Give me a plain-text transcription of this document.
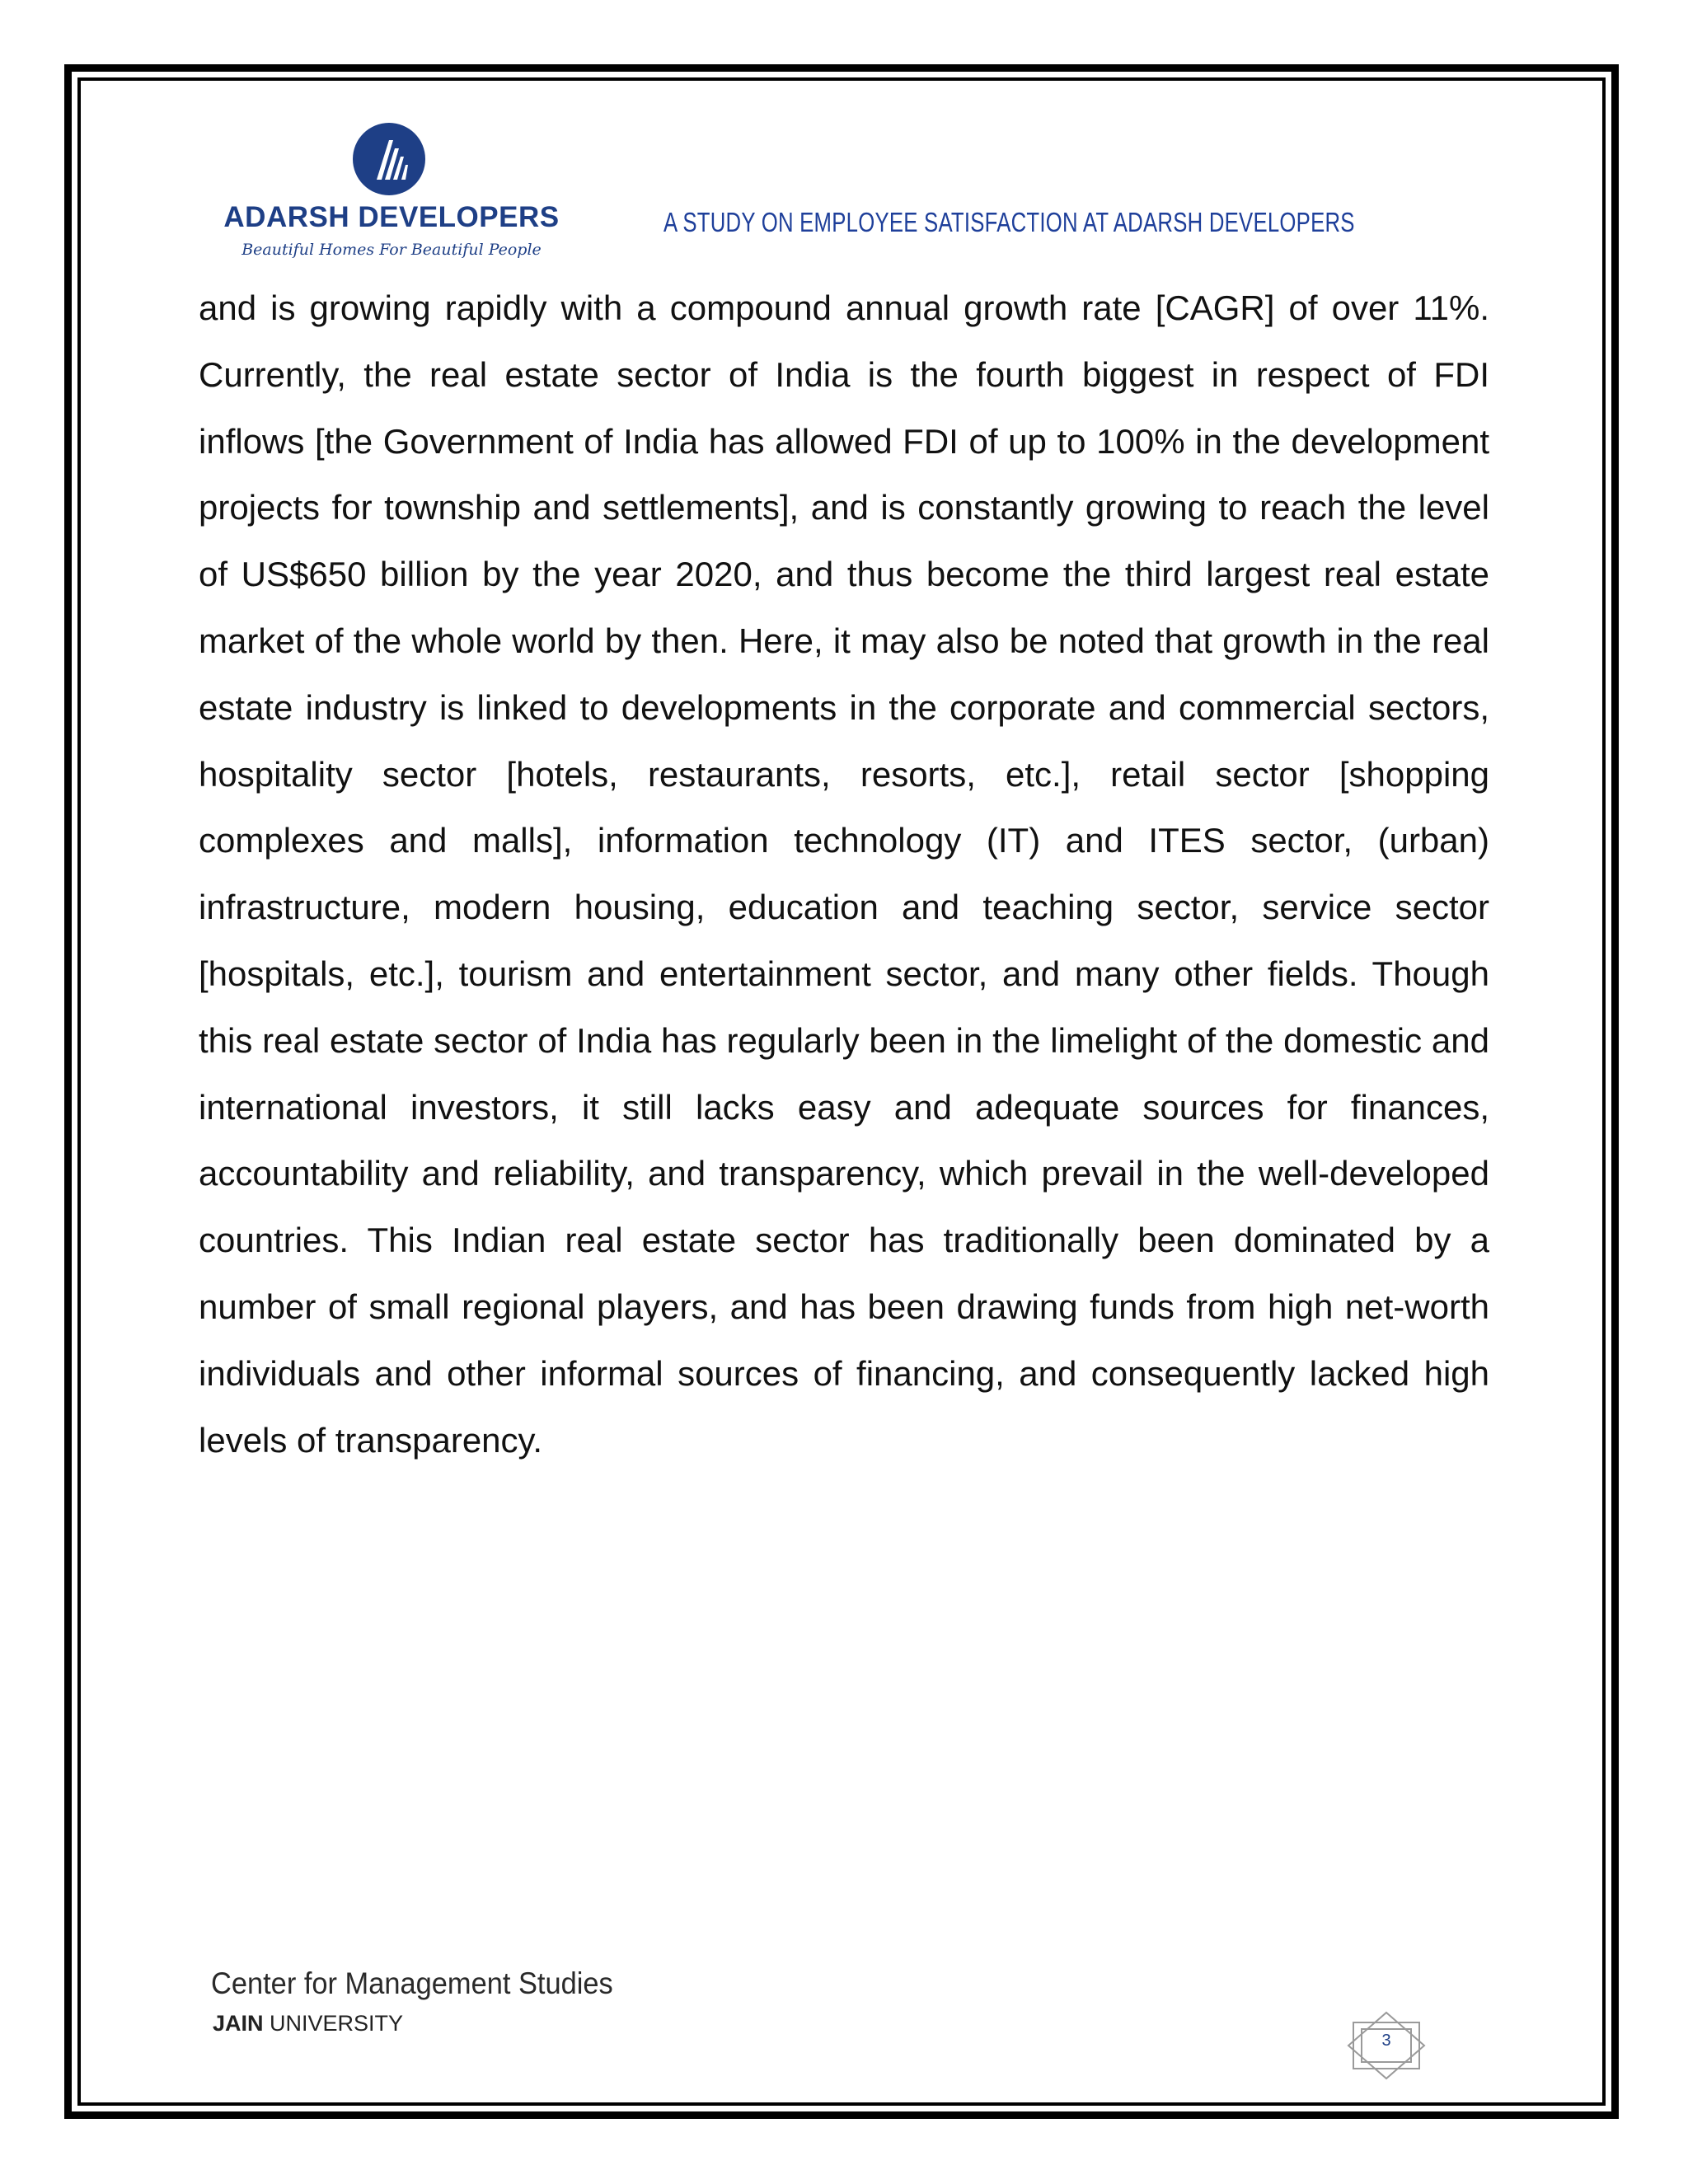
ADARSH DEVELOPERS
Beautiful Homes For Beautiful People
A STUDY ON EMPLOYEE SATISFACTION AT ADARSH DEVELOPERS

and is growing rapidly with a compound annual growth rate [CAGR] of over 11%. Currently, the real estate sector of India is the fourth biggest in respect of FDI inflows [the Government of India has allowed FDI of up to 100% in the development projects for township and settlements], and is constantly growing to reach the level of US$650 billion by the year 2020, and thus become the third largest real estate market of the whole world by then. Here, it may also be noted that growth in the real estate industry is linked to developments in the corporate and commercial sectors, hospitality sector [hotels, restaurants, resorts, etc.], retail sector [shopping complexes and malls], information technology (IT) and ITES sector, (urban) infrastructure, modern housing, education and teaching sector, service sector [hospitals, etc.], tourism and entertainment sector, and many other fields. Though this real estate sector of India has regularly been in the limelight of the domestic and international investors, it still lacks easy and adequate sources for finances, accountability and reliability, and transparency, which prevail in the well-developed countries. This Indian real estate sector has traditionally been dominated by a number of small regional players, and has been drawing funds from high net-worth individuals and other informal sources of financing, and consequently lacked high levels of transparency.

Center for Management Studies
JAIN UNIVERSITY
3
